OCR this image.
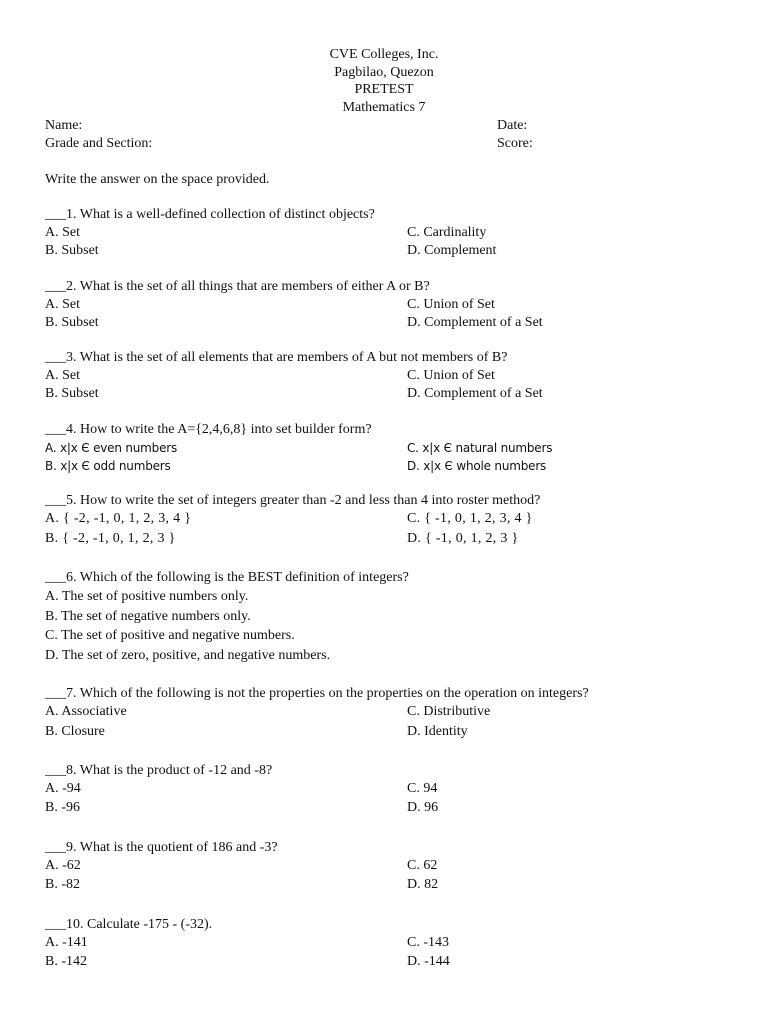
CVE Colleges, Inc.
Pagbilao, Quezon
PRETEST
Mathematics 7
Name:	Date:
Grade and Section:	Score:
Write the answer on the space provided.
___1. What is a well-defined collection of distinct objects?
A. Set	C. Cardinality
B. Subset	D. Complement
___2. What is the set of all things that are members of either A or B?
A. Set	C. Union of Set
B. Subset	D. Complement of a Set
___3. What is the set of all elements that are members of A but not members of B?
A. Set	C. Union of Set
B. Subset	D. Complement of a Set
___4. How to write the A={2,4,6,8} into set builder form?
A. x|x Є even numbers	C. x|x Є natural numbers
B. x|x Є odd numbers	D. x|x Є whole numbers
___5. How to write the set of integers greater than -2 and less than 4 into roster method?
A. { -2, -1, 0, 1, 2, 3, 4 }	C. { -1, 0, 1, 2, 3, 4 }
B. { -2, -1, 0, 1, 2, 3 }	D. { -1, 0, 1, 2, 3 }
___6. Which of the following is the BEST definition of integers?
A. The set of positive numbers only.
B. The set of negative numbers only.
C. The set of positive and negative numbers.
D. The set of zero, positive, and negative numbers.
___7. Which of the following is not the properties on the properties on the operation on integers?
A. Associative	C. Distributive
B. Closure	D. Identity
___8. What is the product of -12 and -8?
A. -94	C. 94
B. -96	D. 96
___9. What is the quotient of 186 and -3?
A. -62	C. 62
B. -82	D. 82
___10. Calculate -175 - (-32).
A. -141	C. -143
B. -142	D. -144
